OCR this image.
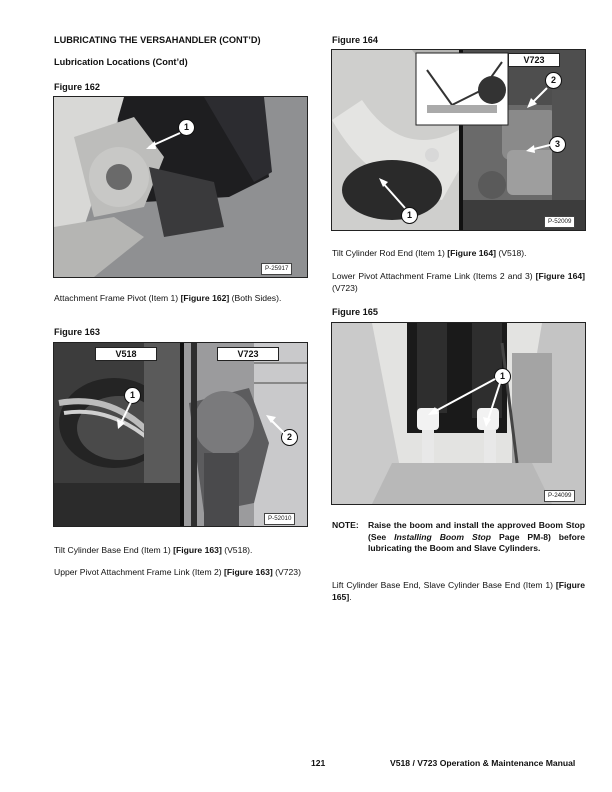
LUBRICATING THE VERSAHANDLER (CONT’D)
Lubrication Locations (Cont’d)
Figure 162
1
P-25917
Attachment Frame Pivot (Item 1) [Figure 162] (Both Sides).
Figure 163
V518	V723
1
2
P-52010
Tilt Cylinder Base End (Item 1) [Figure 163] (V518).
Upper Pivot Attachment Frame Link (Item 2) [Figure 163] (V723)
Figure 164
V723
2
3
1
P-52009
Tilt Cylinder Rod End (Item 1) [Figure 164] (V518).
Lower Pivot Attachment Frame Link (Items 2 and 3) [Figure 164] (V723)
Figure 165
1
P-24099
NOTE: Raise the boom and install the approved Boom Stop (See Installing Boom Stop Page PM-8) before lubricating the Boom and Slave Cylinders.
Lift Cylinder Base End, Slave Cylinder Base End (Item 1) [Figure 165].
121	V518 / V723 Operation & Maintenance Manual
